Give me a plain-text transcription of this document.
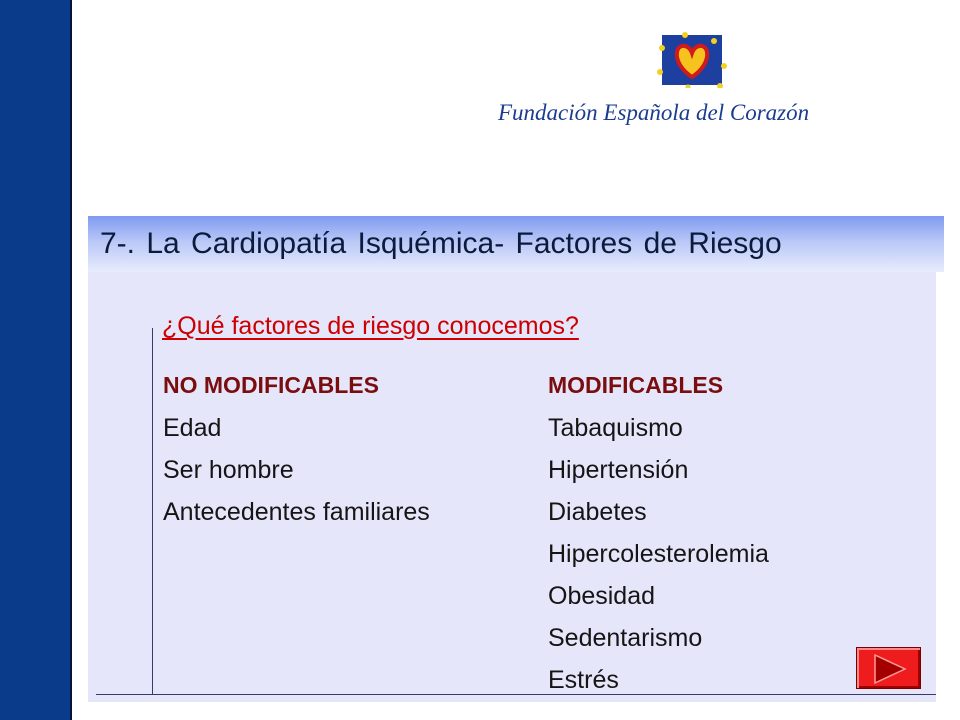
Fundación Española del Corazón
7-. La Cardiopatía Isquémica- Factores de Riesgo
¿Qué factores de riesgo conocemos?
NO MODIFICABLES	MODIFICABLES
Edad
Ser hombre
Antecedentes familiares
Tabaquismo
Hipertensión
Diabetes
Hipercolesterolemia
Obesidad
Sedentarismo
Estrés
